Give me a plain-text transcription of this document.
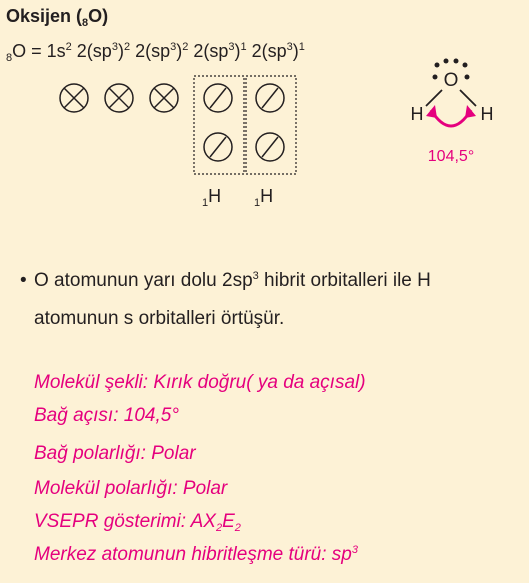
Oksijen $(_8O)$
$_8O = 1s^2$ $2(sp^3)^2$ $2(sp^3)^2$ $2(sp^3)^1$ $2(sp^3)^1$
$_1$H	$_1$H
O
H	H
104,5°
• O atomunun yarı dolu $2sp^3$ hibrit orbitalleri ile H
atomunun s orbitalleri örtüşür.
Molekül şekli: Kırık doğru( ya da açısal)
Bağ açısı: 104,5°
Bağ polarlığı: Polar
Molekül polarlığı: Polar
VSEPR gösterimi: $AX_2E_2$
Merkez atomunun hibritleşme türü: $sp^3$
